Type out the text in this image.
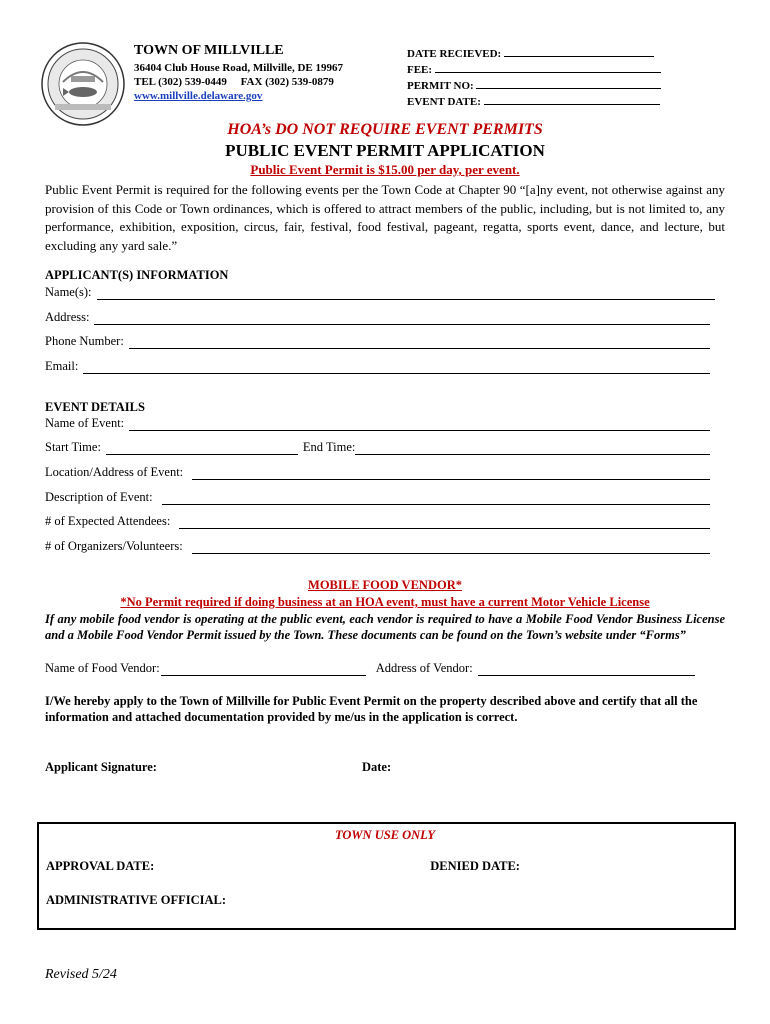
TOWN OF MILLVILLE
36404 Club House Road, Millville, DE 19967
TEL (302) 539-0449     FAX (302) 539-0879
www.millville.delaware.gov
DATE RECIEVED:
FEE:
PERMIT NO:
EVENT DATE:
HOA’s DO NOT REQUIRE EVENT PERMITS
PUBLIC EVENT PERMIT APPLICATION
Public Event Permit is $15.00 per day, per event.
Public Event Permit is required for the following events per the Town Code at Chapter 90 “[a]ny event, not otherwise against any provision of this Code or Town ordinances, which is offered to attract members of the public, including, but is not limited to, any performance, exhibition, exposition, circus, fair, festival, food festival, pageant, regatta, sports event, dance, and lecture, but excluding any yard sale.”
APPLICANT(S) INFORMATION
Name(s):
Address:
Phone Number:
Email:
EVENT DETAILS
Name of Event:
Start Time:	End Time:
Location/Address of Event:
Description of Event:
# of Expected Attendees:
# of Organizers/Volunteers:
MOBILE FOOD VENDOR*
*No Permit required if doing business at an HOA event, must have a current Motor Vehicle License
If any mobile food vendor is operating at the public event, each vendor is required to have a Mobile Food Vendor Business License and a Mobile Food Vendor Permit issued by the Town. These documents can be found on the Town’s website under “Forms”
Name of Food Vendor:	Address of Vendor:
I/We hereby apply to the Town of Millville for Public Event Permit on the property described above and certify that all the information and attached documentation provided by me/us in the application is correct.
Applicant Signature:	Date:
TOWN USE ONLY
APPROVAL DATE:	DENIED DATE:
ADMINISTRATIVE OFFICIAL:
Revised 5/24
